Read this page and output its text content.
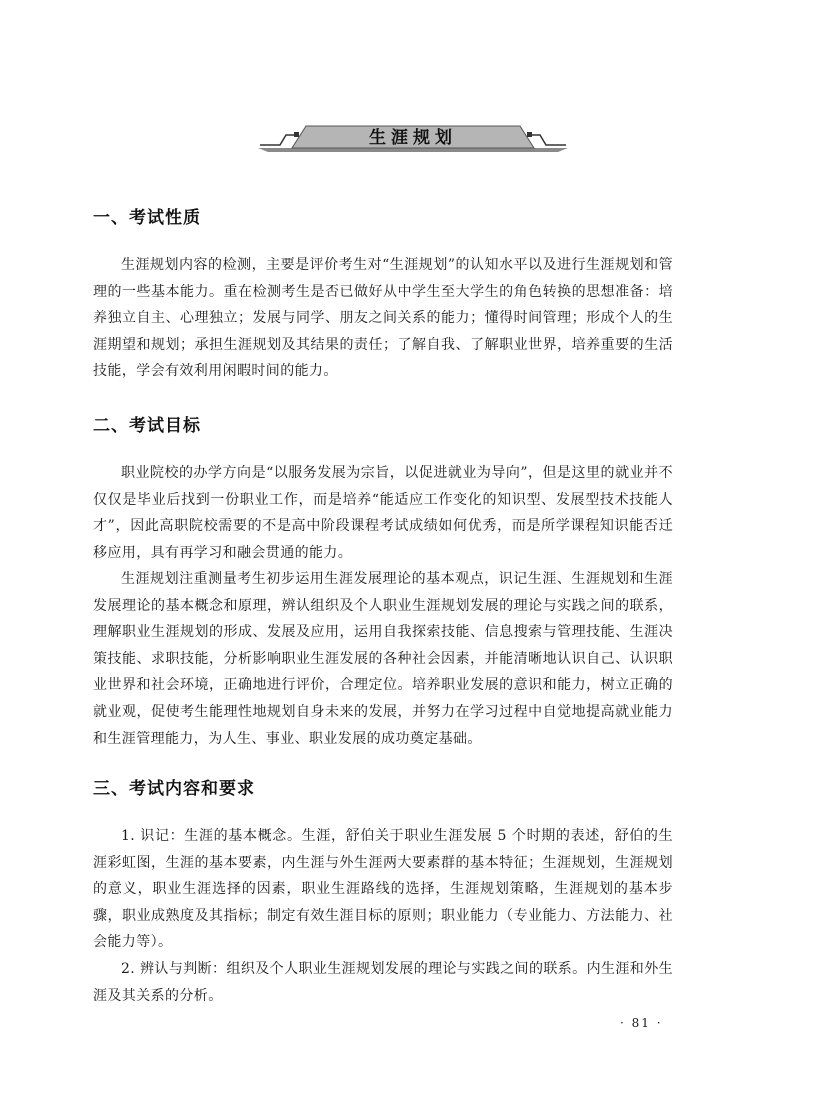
生涯规划
一、考试性质

生涯规划内容的检测，主要是评价考生对“生涯规划”的认知水平以及进行生涯规划和管理的一些基本能力。重在检测考生是否已做好从中学生至大学生的角色转换的思想准备：培养独立自主、心理独立；发展与同学、朋友之间关系的能力；懂得时间管理；形成个人的生涯期望和规划；承担生涯规划及其结果的责任；了解自我、了解职业世界，培养重要的生活技能，学会有效利用闲暇时间的能力。

二、考试目标

职业院校的办学方向是“以服务发展为宗旨，以促进就业为导向”，但是这里的就业并不仅仅是毕业后找到一份职业工作，而是培养“能适应工作变化的知识型、发展型技术技能人才”，因此高职院校需要的不是高中阶段课程考试成绩如何优秀，而是所学课程知识能否迁移应用，具有再学习和融会贯通的能力。

生涯规划注重测量考生初步运用生涯发展理论的基本观点，识记生涯、生涯规划和生涯发展理论的基本概念和原理，辨认组织及个人职业生涯规划发展的理论与实践之间的联系，理解职业生涯规划的形成、发展及应用，运用自我探索技能、信息搜索与管理技能、生涯决策技能、求职技能，分析影响职业生涯发展的各种社会因素，并能清晰地认识自己、认识职业世界和社会环境，正确地进行评价，合理定位。培养职业发展的意识和能力，树立正确的就业观，促使考生能理性地规划自身未来的发展，并努力在学习过程中自觉地提高就业能力和生涯管理能力，为人生、事业、职业发展的成功奠定基础。

三、考试内容和要求

1. 识记：生涯的基本概念。生涯，舒伯关于职业生涯发展 5 个时期的表述，舒伯的生涯彩虹图，生涯的基本要素，内生涯与外生涯两大要素群的基本特征；生涯规划，生涯规划的意义，职业生涯选择的因素，职业生涯路线的选择，生涯规划策略，生涯规划的基本步骤，职业成熟度及其指标；制定有效生涯目标的原则；职业能力（专业能力、方法能力、社会能力等）。

2. 辨认与判断：组织及个人职业生涯规划发展的理论与实践之间的联系。内生涯和外生涯及其关系的分析。

· 81 ·
